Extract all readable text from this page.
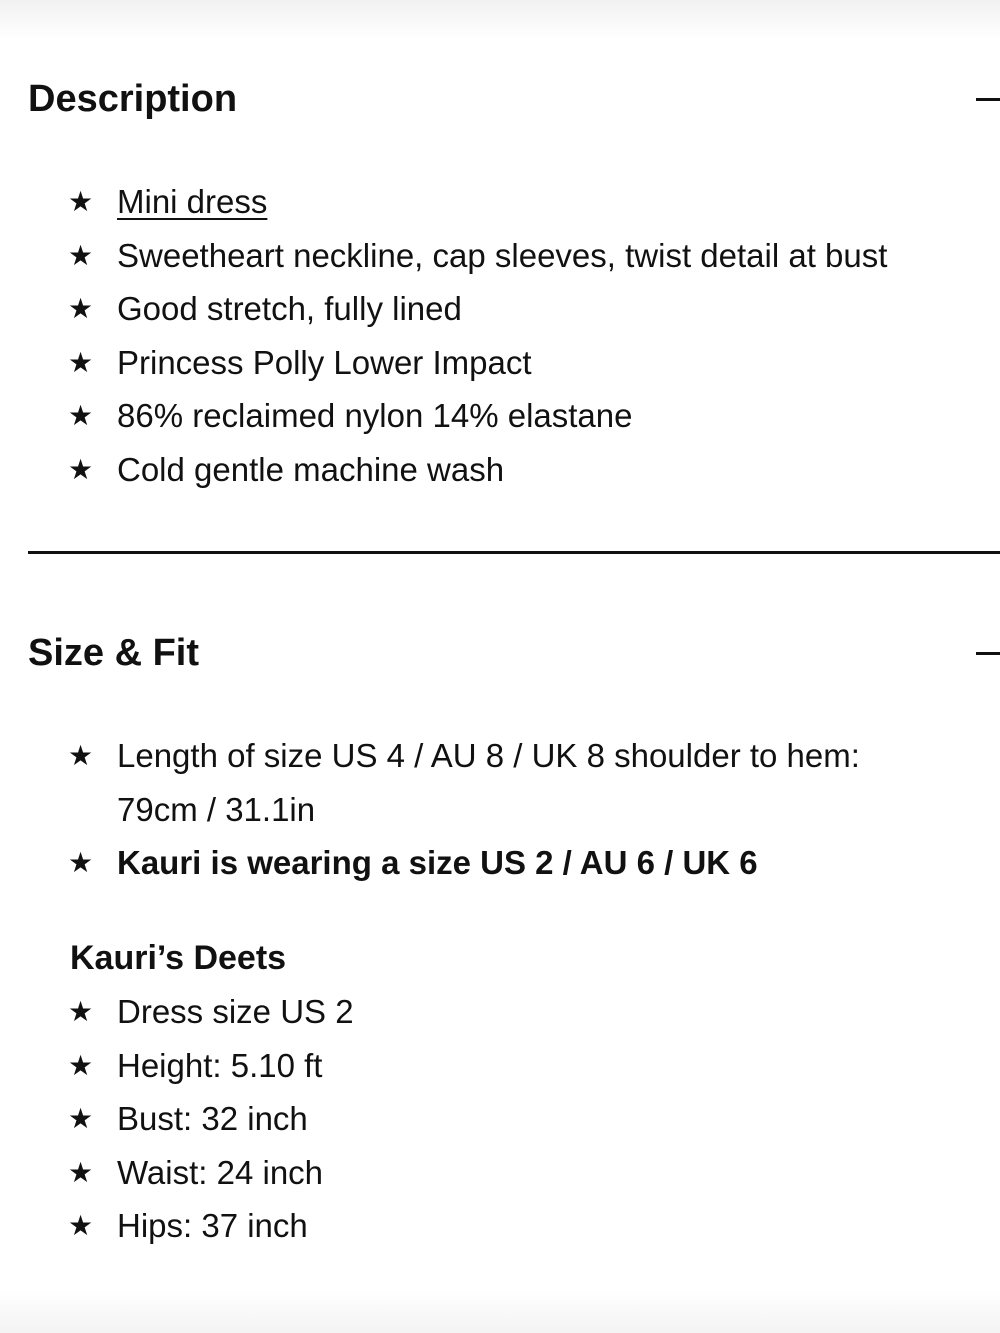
Description
★ Mini dress
★ Sweetheart neckline, cap sleeves, twist detail at bust
★ Good stretch, fully lined
★ Princess Polly Lower Impact
★ 86% reclaimed nylon 14% elastane
★ Cold gentle machine wash
Size & Fit
★ Length of size US 4 / AU 8 / UK 8 shoulder to hem: 79cm / 31.1in
★ Kauri is wearing a size US 2 / AU 6 / UK 6
Kauri’s Deets
★ Dress size US 2
★ Height: 5.10 ft
★ Bust: 32 inch
★ Waist: 24 inch
★ Hips: 37 inch
